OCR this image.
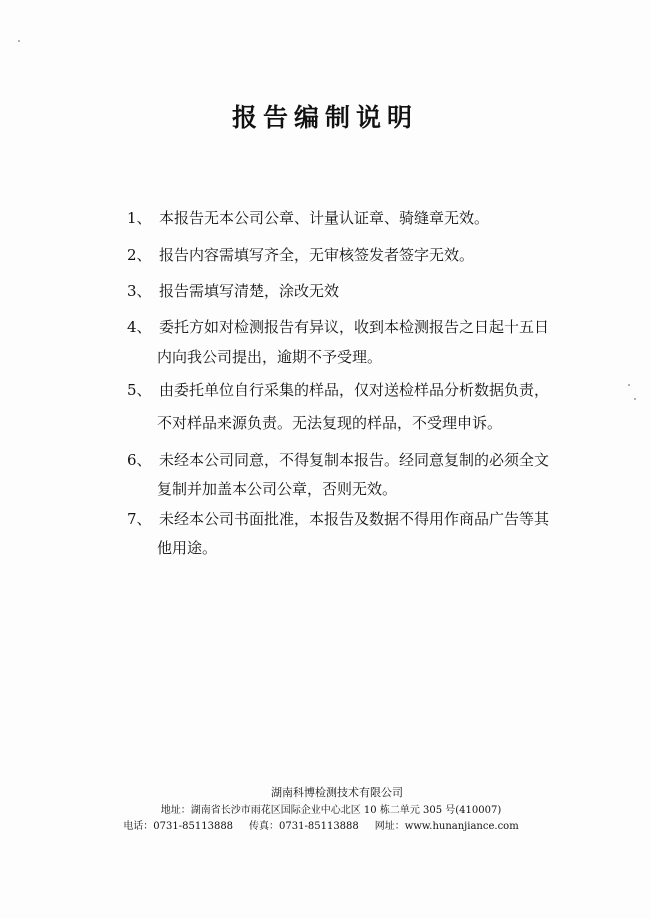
报告编制说明
1、 本报告无本公司公章、计量认证章、骑缝章无效。
2、 报告内容需填写齐全，无审核签发者签字无效。
3、 报告需填写清楚，涂改无效
4、 委托方如对检测报告有异议，收到本检测报告之日起十五日
内向我公司提出，逾期不予受理。
5、 由委托单位自行采集的样品，仅对送检样品分析数据负责，
不对样品来源负责。无法复现的样品，不受理申诉。
6、 未经本公司同意，不得复制本报告。经同意复制的必须全文
复制并加盖本公司公章，否则无效。
7、 未经本公司书面批准，本报告及数据不得用作商品广告等其
他用途。
湖南科博检测技术有限公司
地址：湖南省长沙市雨花区国际企业中心北区 10 栋二单元 305 号(410007)
电话：0731-85113888 传真：0731-85113888 网址：www.hunanjiance.com
